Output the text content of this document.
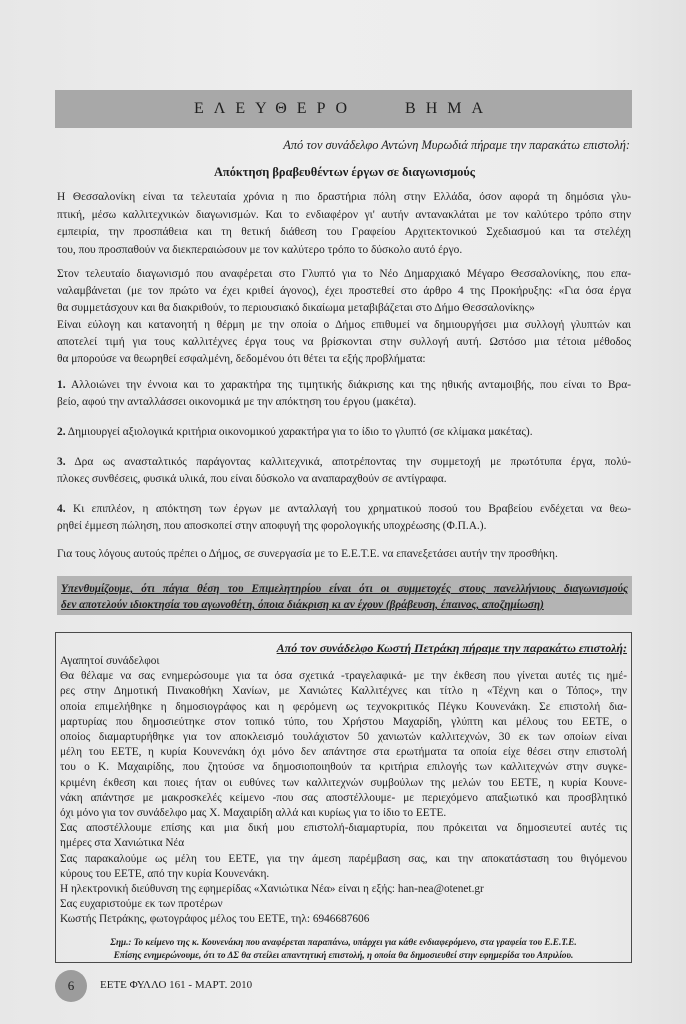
ΕΛΕΥΘΕΡΟ ΒΗΜΑ
Από τον συνάδελφο Αντώνη Μυρωδιά πήραμε την παρακάτω επιστολή:
Απόκτηση βραβευθέντων έργων σε διαγωνισμούς
Η Θεσσαλονίκη είναι τα τελευταία χρόνια η πιο δραστήρια πόλη στην Ελλάδα, όσον αφορά τη δημόσια γλυ-
πτική, μέσω καλλιτεχνικών διαγωνισμών. Και το ενδιαφέρον γι' αυτήν αντανακλάται με τον καλύτερο τρόπο στην
εμπειρία, την προσπάθεια και τη θετική διάθεση του Γραφείου Αρχιτεκτονικού Σχεδιασμού και τα στελέχη
του, που προσπαθούν να διεκπεραιώσουν με τον καλύτερο τρόπο το δύσκολο αυτό έργο.
Στον τελευταίο διαγωνισμό που αναφέρεται στο Γλυπτό για το Νέο Δημαρχιακό Μέγαρο Θεσσαλονίκης, που επα-
ναλαμβάνεται (με τον πρώτο να έχει κριθεί άγονος), έχει προστεθεί στο άρθρο 4 της Προκήρυξης: «Για όσα έργα
θα συμμετάσχουν και θα διακριθούν, το περιουσιακό δικαίωμα μεταβιβάζεται στο Δήμο Θεσσαλονίκης»
Είναι εύλογη και κατανοητή η θέρμη με την οποία ο Δήμος επιθυμεί να δημιουργήσει μια συλλογή γλυπτών και
αποτελεί τιμή για τους καλλιτέχνες έργα τους να βρίσκονται στην συλλογή αυτή. Ωστόσο μια τέτοια μέθοδος
θα μπορούσε να θεωρηθεί εσφαλμένη, δεδομένου ότι θέτει τα εξής προβλήματα:
1. Αλλοιώνει την έννοια και το χαρακτήρα της τιμητικής διάκρισης και της ηθικής ανταμοιβής, που είναι το Βρα-
βείο, αφού την ανταλλάσσει οικονομικά με την απόκτηση του έργου (μακέτα).
2. Δημιουργεί αξιολογικά κριτήρια οικονομικού χαρακτήρα για το ίδιο το γλυπτό (σε κλίμακα μακέτας).
3. Δρα ως ανασταλτικός παράγοντας καλλιτεχνικά, αποτρέποντας την συμμετοχή με πρωτότυπα έργα, πολύ-
πλοκες συνθέσεις, φυσικά υλικά, που είναι δύσκολο να αναπαραχθούν σε αντίγραφα.
4. Κι επιπλέον, η απόκτηση των έργων με ανταλλαγή του χρηματικού ποσού του Βραβείου ενδέχεται να θεω-
ρηθεί έμμεση πώληση, που αποσκοπεί στην αποφυγή της φορολογικής υποχρέωσης (Φ.Π.Α.).
Για τους λόγους αυτούς πρέπει ο Δήμος, σε συνεργασία με το Ε.Ε.Τ.Ε. να επανεξετάσει αυτήν την προσθήκη.
Υπενθυμίζουμε, ότι πάγια θέση του Επιμελητηρίου είναι ότι οι συμμετοχές στους πανελλήνιους διαγωνισμούς
δεν αποτελούν ιδιοκτησία του αγωνοθέτη, όποια διάκριση κι αν έχουν (βράβευση, έπαινος, αποζημίωση)
Από τον συνάδελφο Κωστή Πετράκη πήραμε την παρακάτω επιστολή:
Αγαπητοί συνάδελφοι
Θα θέλαμε να σας ενημερώσουμε για τα όσα σχετικά -τραγελαφικά- με την έκθεση που γίνεται αυτές τις ημέ-
ρες στην Δημοτική Πινακοθήκη Χανίων, με Χανιώτες Καλλιτέχνες και τίτλο η «Τέχνη και ο Τόπος», την
οποία επιμελήθηκε η δημοσιογράφος και η φερόμενη ως τεχνοκριτικός Πέγκυ Κουνενάκη. Σε επιστολή δια-
μαρτυρίας που δημοσιεύτηκε στον τοπικό τύπο, του Χρήστου Μαχαρίδη, γλύπτη και μέλους του ΕΕΤΕ, ο
οποίος διαμαρτυρήθηκε για τον αποκλεισμό τουλάχιστον 50 χανιωτών καλλιτεχνών, 30 εκ των οποίων είναι
μέλη του ΕΕΤΕ, η κυρία Κουνενάκη όχι μόνο δεν απάντησε στα ερωτήματα τα οποία είχε θέσει στην επιστολή
του ο Κ. Μαχαιρίδης, που ζητούσε να δημοσιοποιηθούν τα κριτήρια επιλογής των καλλιτεχνών στην συγκε-
κριμένη έκθεση και ποιες ήταν οι ευθύνες των καλλιτεχνών συμβούλων της μελών του ΕΕΤΕ, η κυρία Κουνε-
νάκη απάντησε με μακροσκελές κείμενο -που σας αποστέλλουμε- με περιεχόμενο απαξιωτικό και προσβλητικό
όχι μόνο για τον συνάδελφο μας Χ. Μαχαιρίδη αλλά και κυρίως για το ίδιο το ΕΕΤΕ.
Σας αποστέλλουμε επίσης και μια δική μου επιστολή-διαμαρτυρία, που πρόκειται να δημοσιευτεί αυτές τις
ημέρες στα Χανιώτικα Νέα
Σας παρακαλούμε ως μέλη του ΕΕΤΕ, για την άμεση παρέμβαση σας, και την αποκατάσταση του θιγόμενου
κύρους του ΕΕΤΕ, από την κυρία Κουνενάκη.
Η ηλεκτρονική διεύθυνση της εφημερίδας «Χανιώτικα Νέα» είναι η εξής: han-nea@otenet.gr
Σας ευχαριστούμε εκ των προτέρων
Κωστής Πετράκης, φωτογράφος μέλος του ΕΕΤΕ, τηλ: 6946687606
Σημ.: Το κείμενο της κ. Κουνενάκη που αναφέρεται παραπάνω, υπάρχει για κάθε ενδιαφερόμενο, στα γραφεία του Ε.Ε.Τ.Ε.
Επίσης ενημερώνουμε, ότι το ΔΣ θα στείλει απαντητική επιστολή, η οποία θα δημοσιευθεί στην εφημερίδα του Απριλίου.
6 ΕΕΤΕ ΦΥΛΛΟ 161 - ΜΑΡΤ. 2010
